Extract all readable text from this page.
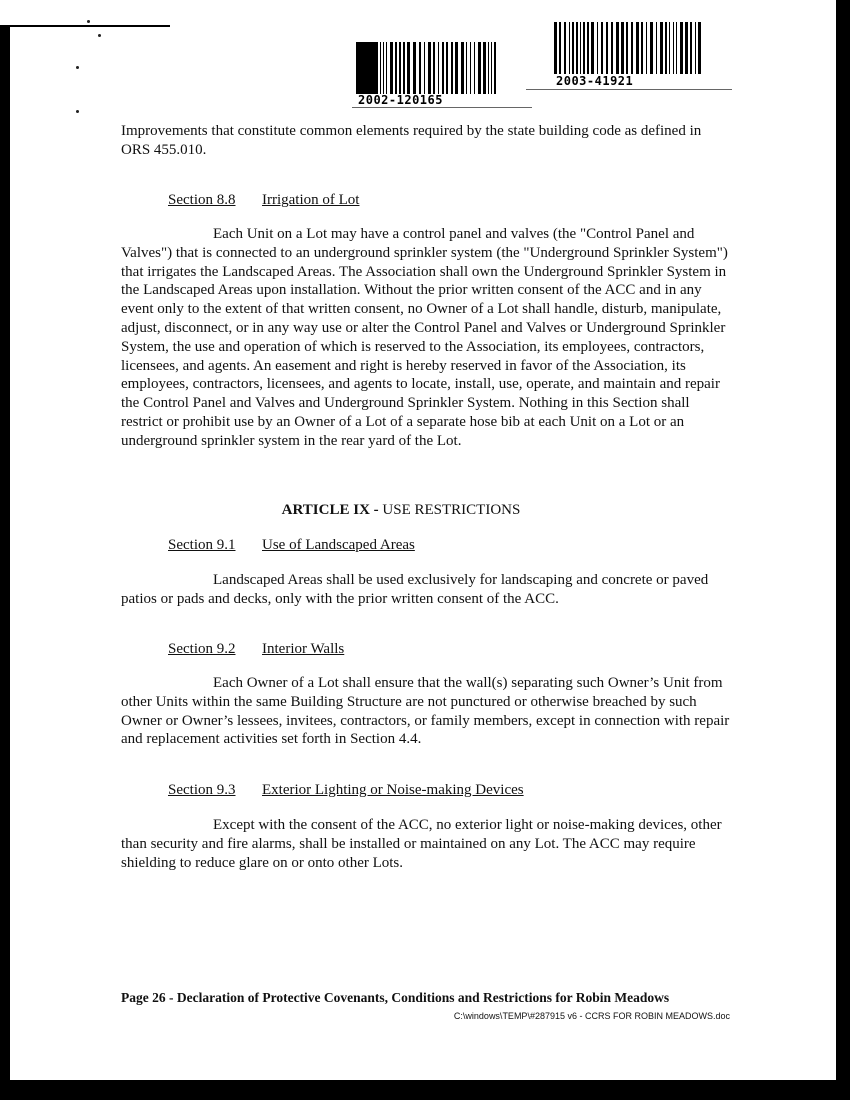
2002-120165
2003-41921

Improvements that constitute common elements required by the state building code as defined in ORS 455.010.

Section 8.8 Irrigation of Lot

Each Unit on a Lot may have a control panel and valves (the "Control Panel and Valves") that is connected to an underground sprinkler system (the "Underground Sprinkler System") that irrigates the Landscaped Areas. The Association shall own the Underground Sprinkler System in the Landscaped Areas upon installation. Without the prior written consent of the ACC and in any event only to the extent of that written consent, no Owner of a Lot shall handle, disturb, manipulate, adjust, disconnect, or in any way use or alter the Control Panel and Valves or Underground Sprinkler System, the use and operation of which is reserved to the Association, its employees, contractors, licensees, and agents. An easement and right is hereby reserved in favor of the Association, its employees, contractors, licensees, and agents to locate, install, use, operate, and maintain and repair the Control Panel and Valves and Underground Sprinkler System. Nothing in this Section shall restrict or prohibit use by an Owner of a Lot of a separate hose bib at each Unit on a Lot or an underground sprinkler system in the rear yard of the Lot.

ARTICLE IX - USE RESTRICTIONS
Section 9.1 Use of Landscaped Areas

Landscaped Areas shall be used exclusively for landscaping and concrete or paved patios or pads and decks, only with the prior written consent of the ACC.

Section 9.2 Interior Walls

Each Owner of a Lot shall ensure that the wall(s) separating such Owner’s Unit from other Units within the same Building Structure are not punctured or otherwise breached by such Owner or Owner’s lessees, invitees, contractors, or family members, except in connection with repair and replacement activities set forth in Section 4.4.

Section 9.3 Exterior Lighting or Noise-making Devices

Except with the consent of the ACC, no exterior light or noise-making devices, other than security and fire alarms, shall be installed or maintained on any Lot. The ACC may require shielding to reduce glare on or onto other Lots.

Page 26 - Declaration of Protective Covenants, Conditions and Restrictions for Robin Meadows
C:\windows\TEMP\#287915 v6 - CCRS FOR ROBIN MEADOWS.doc
